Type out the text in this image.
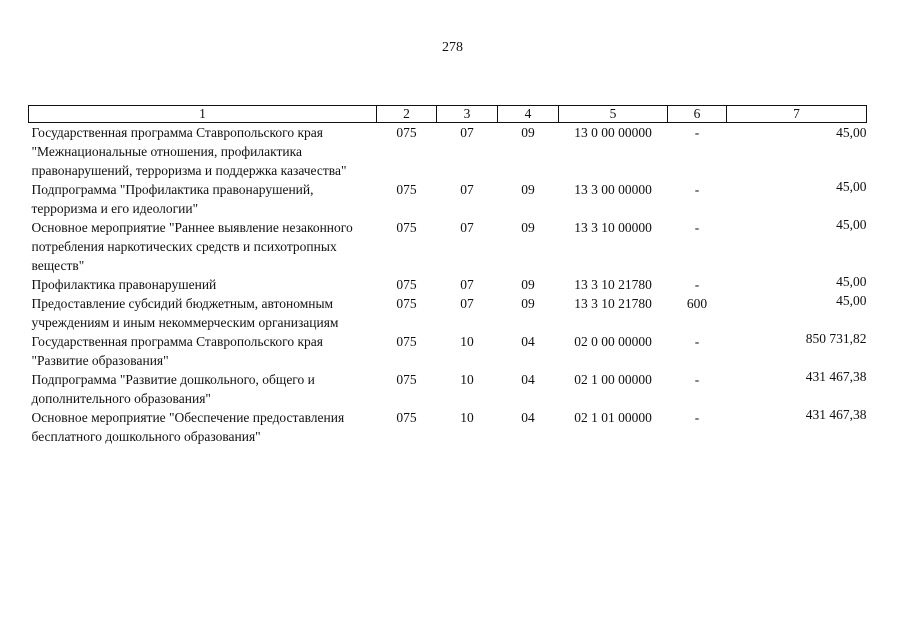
278
1	2	3	4	5	6	7
Государственная программа Ставропольского края "Межнациональные отношения, профилактика правонарушений, терроризма и поддержка казачества"	075	07	09	13 0 00 00000	-	45,00
Подпрограмма "Профилактика правонарушений, терроризма и его идеологии"	075	07	09	13 3 00 00000	-	45,00
Основное мероприятие "Раннее выявление незаконного потребления наркотических средств и психотропных веществ"	075	07	09	13 3 10 00000	-	45,00
Профилактика правонарушений	075	07	09	13 3 10 21780	-	45,00
Предоставление субсидий бюджетным, автономным учреждениям и иным некоммерческим организациям	075	07	09	13 3 10 21780	600	45,00
Государственная программа Ставропольского края "Развитие образования"	075	10	04	02 0 00 00000	-	850 731,82
Подпрограмма "Развитие дошкольного, общего и дополнительного образования"	075	10	04	02 1 00 00000	-	431 467,38
Основное мероприятие "Обеспечение предоставления бесплатного дошкольного образования"	075	10	04	02 1 01 00000	-	431 467,38
